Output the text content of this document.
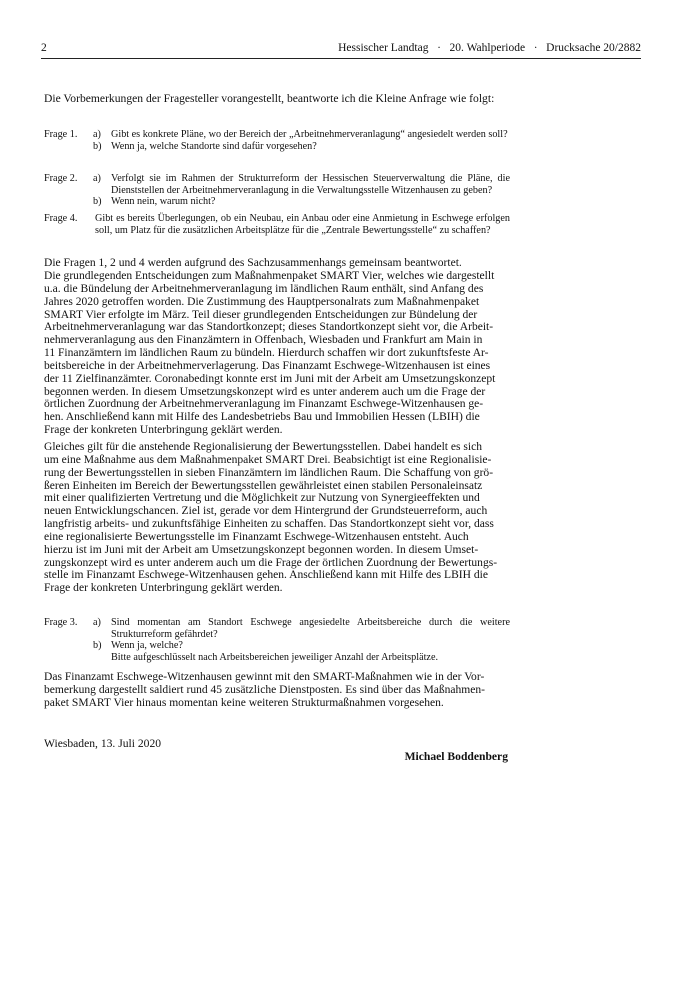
2	Hessischer Landtag   ·   20. Wahlperiode   ·   Drucksache 20/2882
Die Vorbemerkungen der Fragesteller vorangestellt, beantworte ich die Kleine Anfrage wie folgt:
Frage 1. a) Gibt es konkrete Pläne, wo der Bereich der „Arbeitnehmerveranlagung“ angesiedelt werden soll?
b) Wenn ja, welche Standorte sind dafür vorgesehen?
Frage 2. a) Verfolgt sie im Rahmen der Strukturreform der Hessischen Steuerverwaltung die Pläne, die Dienststellen der Arbeitnehmerveranlagung in die Verwaltungsstelle Witzenhausen zu geben?
b) Wenn nein, warum nicht?
Frage 4.	Gibt es bereits Überlegungen, ob ein Neubau, ein Anbau oder eine Anmietung in Eschwege erfolgen soll, um Platz für die zusätzlichen Arbeitsplätze für die „Zentrale Bewertungsstelle“ zu schaffen?
Die Fragen 1, 2 und 4 werden aufgrund des Sachzusammenhangs gemeinsam beantwortet.
Die grundlegenden Entscheidungen zum Maßnahmenpaket SMART Vier, welches wie dargestellt
u.a. die Bündelung der Arbeitnehmerveranlagung im ländlichen Raum enthält, sind Anfang des
Jahres 2020 getroffen worden. Die Zustimmung des Hauptpersonalrats zum Maßnahmenpaket
SMART Vier erfolgte im März. Teil dieser grundlegenden Entscheidungen zur Bündelung der
Arbeitnehmerveranlagung war das Standortkonzept; dieses Standortkonzept sieht vor, die Arbeit-
nehmerveranlagung aus den Finanzämtern in Offenbach, Wiesbaden und Frankfurt am Main in
11 Finanzämtern im ländlichen Raum zu bündeln. Hierdurch schaffen wir dort zukunftsfeste Ar-
beitsbereiche in der Arbeitnehmerverlagerung. Das Finanzamt Eschwege-Witzenhausen ist eines
der 11 Zielfinanzämter. Coronabedingt konnte erst im Juni mit der Arbeit am Umsetzungskonzept
begonnen werden. In diesem Umsetzungskonzept wird es unter anderem auch um die Frage der
örtlichen Zuordnung der Arbeitnehmerveranlagung im Finanzamt Eschwege-Witzenhausen ge-
hen. Anschließend kann mit Hilfe des Landesbetriebs Bau und Immobilien Hessen (LBIH) die
Frage der konkreten Unterbringung geklärt werden.
Gleiches gilt für die anstehende Regionalisierung der Bewertungsstellen. Dabei handelt es sich
um eine Maßnahme aus dem Maßnahmenpaket SMART Drei. Beabsichtigt ist eine Regionalisie-
rung der Bewertungsstellen in sieben Finanzämtern im ländlichen Raum. Die Schaffung von grö-
ßeren Einheiten im Bereich der Bewertungsstellen gewährleistet einen stabilen Personaleinsatz
mit einer qualifizierten Vertretung und die Möglichkeit zur Nutzung von Synergieeffekten und
neuen Entwicklungschancen. Ziel ist, gerade vor dem Hintergrund der Grundsteuerreform, auch
langfristig arbeits- und zukunftsfähige Einheiten zu schaffen. Das Standortkonzept sieht vor, dass
eine regionalisierte Bewertungsstelle im Finanzamt Eschwege-Witzenhausen entsteht. Auch
hierzu ist im Juni mit der Arbeit am Umsetzungskonzept begonnen worden. In diesem Umset-
zungskonzept wird es unter anderem auch um die Frage der örtlichen Zuordnung der Bewertungs-
stelle im Finanzamt Eschwege-Witzenhausen gehen. Anschließend kann mit Hilfe des LBIH die
Frage der konkreten Unterbringung geklärt werden.
Frage 3. a) Sind momentan am Standort Eschwege angesiedelte Arbeitsbereiche durch die weitere Strukturreform gefährdet?
b) Wenn ja, welche?
Bitte aufgeschlüsselt nach Arbeitsbereichen jeweiliger Anzahl der Arbeitsplätze.
Das Finanzamt Eschwege-Witzenhausen gewinnt mit den SMART-Maßnahmen wie in der Vor-
bemerkung dargestellt saldiert rund 45 zusätzliche Dienstposten. Es sind über das Maßnahmen-
paket SMART Vier hinaus momentan keine weiteren Strukturmaßnahmen vorgesehen.
Wiesbaden, 13. Juli 2020
Michael Boddenberg
